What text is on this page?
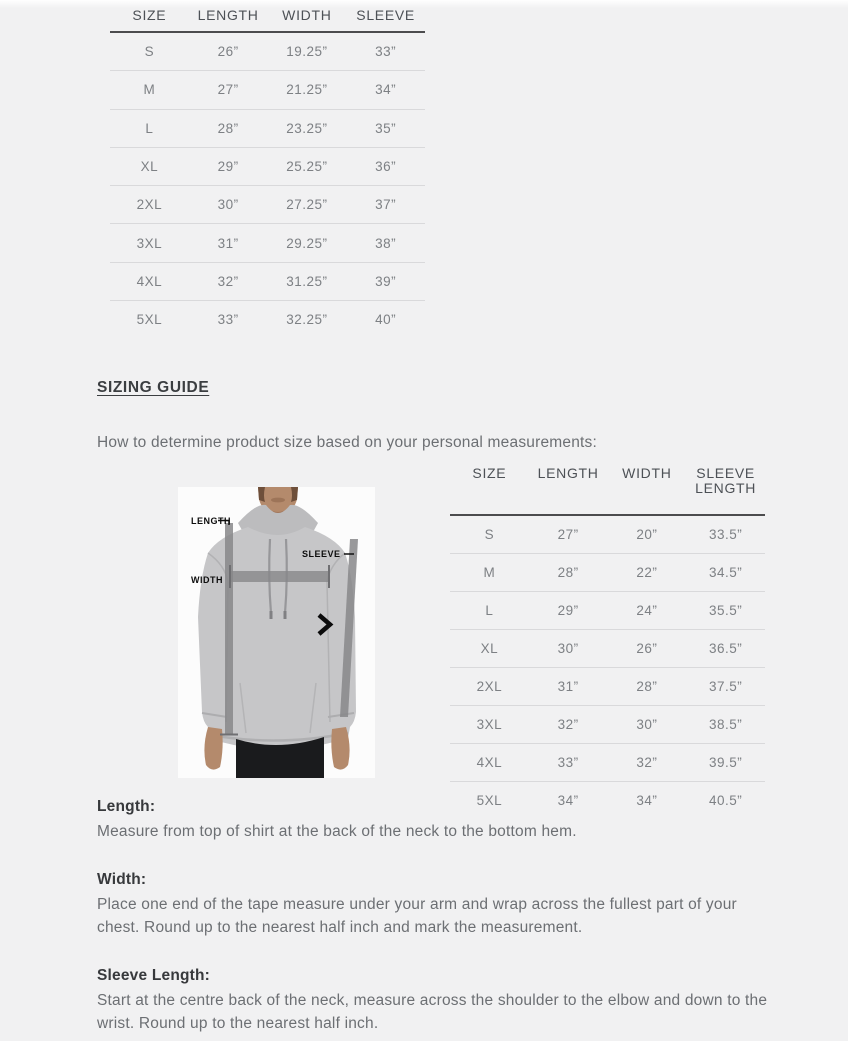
SIZE	LENGTH	WIDTH	SLEEVE
S	26”	19.25”	33”
M	27”	21.25”	34”
L	28”	23.25”	35”
XL	29”	25.25”	36”
2XL	30”	27.25”	37”
3XL	31”	29.25”	38”
4XL	32”	31.25”	39”
5XL	33”	32.25”	40”
SIZING GUIDE

How to determine product size based on your personal measurements:

LENGTH
SLEEVE
WIDTH
SIZE	LENGTH	WIDTH	SLEEVE LENGTH
S	27”	20”	33.5”
M	28”	22”	34.5”
L	29”	24”	35.5”
XL	30”	26”	36.5”
2XL	31”	28”	37.5”
3XL	32”	30”	38.5”
4XL	33”	32”	39.5”
5XL	34”	34”	40.5”
Length:

Measure from top of shirt at the back of the neck to the bottom hem.

Width:

Place one end of the tape measure under your arm and wrap across the fullest part of your chest. Round up to the nearest half inch and mark the measurement.

Sleeve Length:

Start at the centre back of the neck, measure across the shoulder to the elbow and down to the wrist. Round up to the nearest half inch.
